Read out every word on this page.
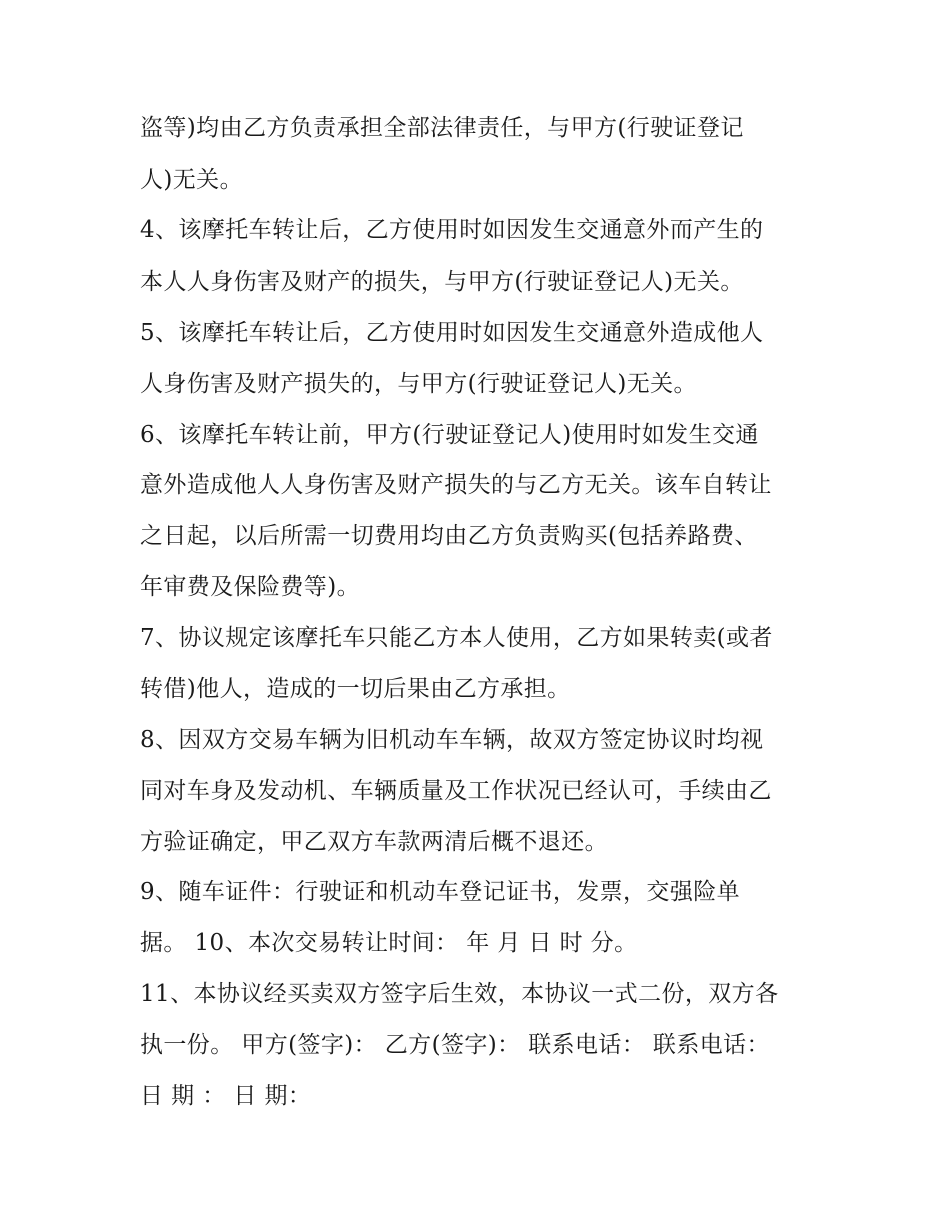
盗等)均由乙方负责承担全部法律责任，与甲方(行驶证登记
人)无关。
4、该摩托车转让后，乙方使用时如因发生交通意外而产生的
本人人身伤害及财产的损失，与甲方(行驶证登记人)无关。
5、该摩托车转让后，乙方使用时如因发生交通意外造成他人
人身伤害及财产损失的，与甲方(行驶证登记人)无关。
6、该摩托车转让前，甲方(行驶证登记人)使用时如发生交通
意外造成他人人身伤害及财产损失的与乙方无关。该车自转让
之日起，以后所需一切费用均由乙方负责购买(包括养路费、
年审费及保险费等)。
7、协议规定该摩托车只能乙方本人使用，乙方如果转卖(或者
转借)他人，造成的一切后果由乙方承担。
8、因双方交易车辆为旧机动车车辆，故双方签定协议时均视
同对车身及发动机、车辆质量及工作状况已经认可，手续由乙
方验证确定，甲乙双方车款两清后概不退还。
9、随车证件：行驶证和机动车登记证书，发票，交强险单
据。 10、本次交易转让时间： 年 月 日 时 分。
11、本协议经买卖双方签字后生效，本协议一式二份，双方各
执一份。 甲方(签字)： 乙方(签字)： 联系电话： 联系电话：
日 期 ： 日 期：
